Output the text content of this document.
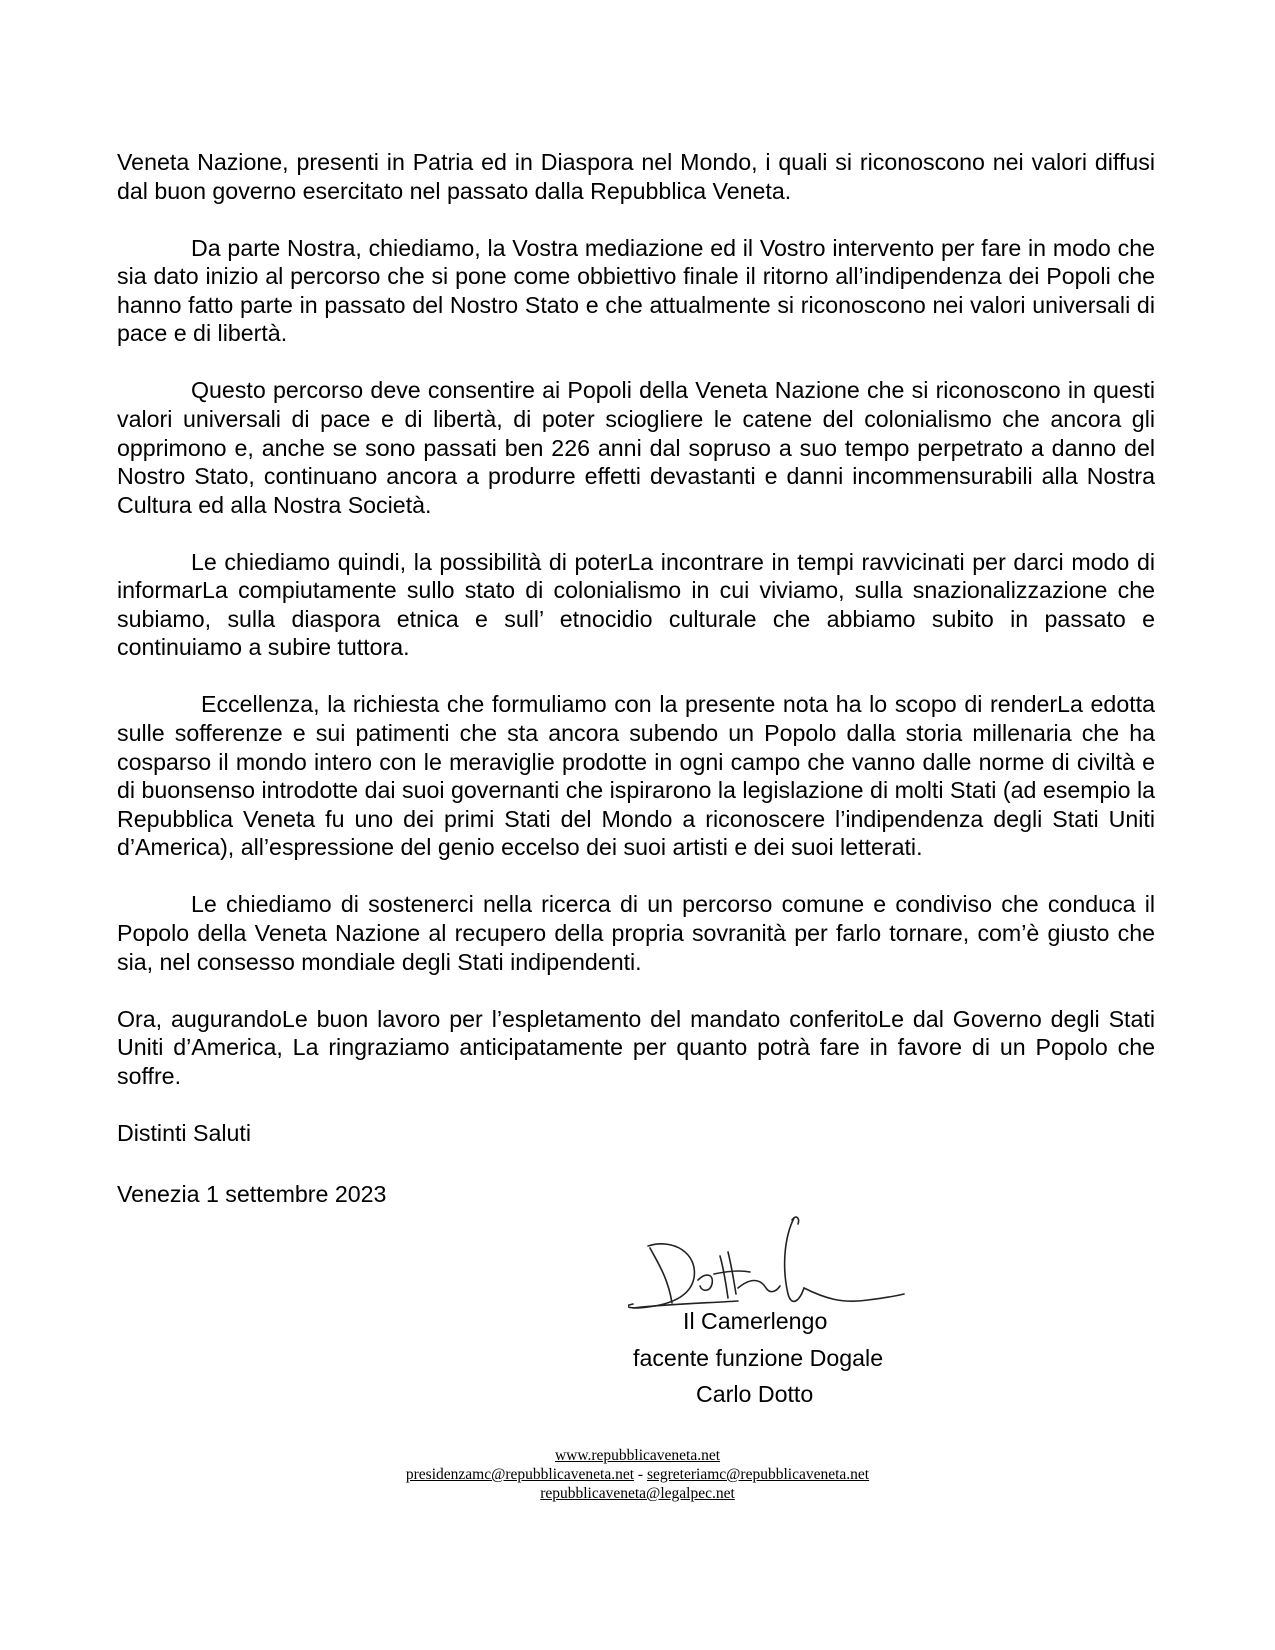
Veneta Nazione, presenti in Patria ed in Diaspora nel Mondo, i quali si riconoscono nei valori diffusi dal buon governo esercitato nel passato dalla Repubblica Veneta.

Da parte Nostra, chiediamo, la Vostra mediazione ed il Vostro intervento per fare in modo che sia dato inizio al percorso che si pone come obbiettivo finale il ritorno all’indipendenza dei Popoli che hanno fatto parte in passato del Nostro Stato e che attualmente si riconoscono nei valori universali di pace e di libertà.

Questo percorso deve consentire ai Popoli della Veneta Nazione che si riconoscono in questi valori universali di pace e di libertà, di poter sciogliere le catene del colonialismo che ancora gli opprimono e, anche se sono passati ben 226 anni dal sopruso a suo tempo perpetrato a danno del Nostro Stato, continuano ancora a produrre effetti devastanti e danni incommensurabili alla Nostra Cultura ed alla Nostra Società.

Le chiediamo quindi, la possibilità di poterLa incontrare in tempi ravvicinati per darci modo di informarLa compiutamente sullo stato di colonialismo in cui viviamo, sulla snazionalizzazione che subiamo, sulla diaspora etnica e sull’ etnocidio culturale che abbiamo subito in passato e continuiamo a subire tuttora.

Eccellenza, la richiesta che formuliamo con la presente nota ha lo scopo di renderLa edotta sulle sofferenze e sui patimenti che sta ancora subendo un Popolo dalla storia millenaria che ha cosparso il mondo intero con le meraviglie prodotte in ogni campo che vanno dalle norme di civiltà e di buonsenso introdotte dai suoi governanti che ispirarono la legislazione di molti Stati (ad esempio la Repubblica Veneta fu uno dei primi Stati del Mondo a riconoscere l’indipendenza degli Stati Uniti d’America), all’espressione del genio eccelso dei suoi artisti e dei suoi letterati.

Le chiediamo di sostenerci nella ricerca di un percorso comune e condiviso che conduca il Popolo della Veneta Nazione al recupero della propria sovranità per farlo tornare, com’è giusto che sia, nel consesso mondiale degli Stati indipendenti.

Ora, augurandoLe buon lavoro per l’espletamento del mandato conferitoLe dal Governo degli Stati Uniti d’America, La ringraziamo anticipatamente per quanto potrà fare in favore di un Popolo che soffre.

Distinti Saluti

Venezia 1 settembre 2023

Il Camerlengo
facente funzione Dogale
Carlo Dotto
www.repubblicaveneta.net
presidenzamc@repubblicaveneta.net - segreteriamc@repubblicaveneta.net
repubblicaveneta@legalpec.net
